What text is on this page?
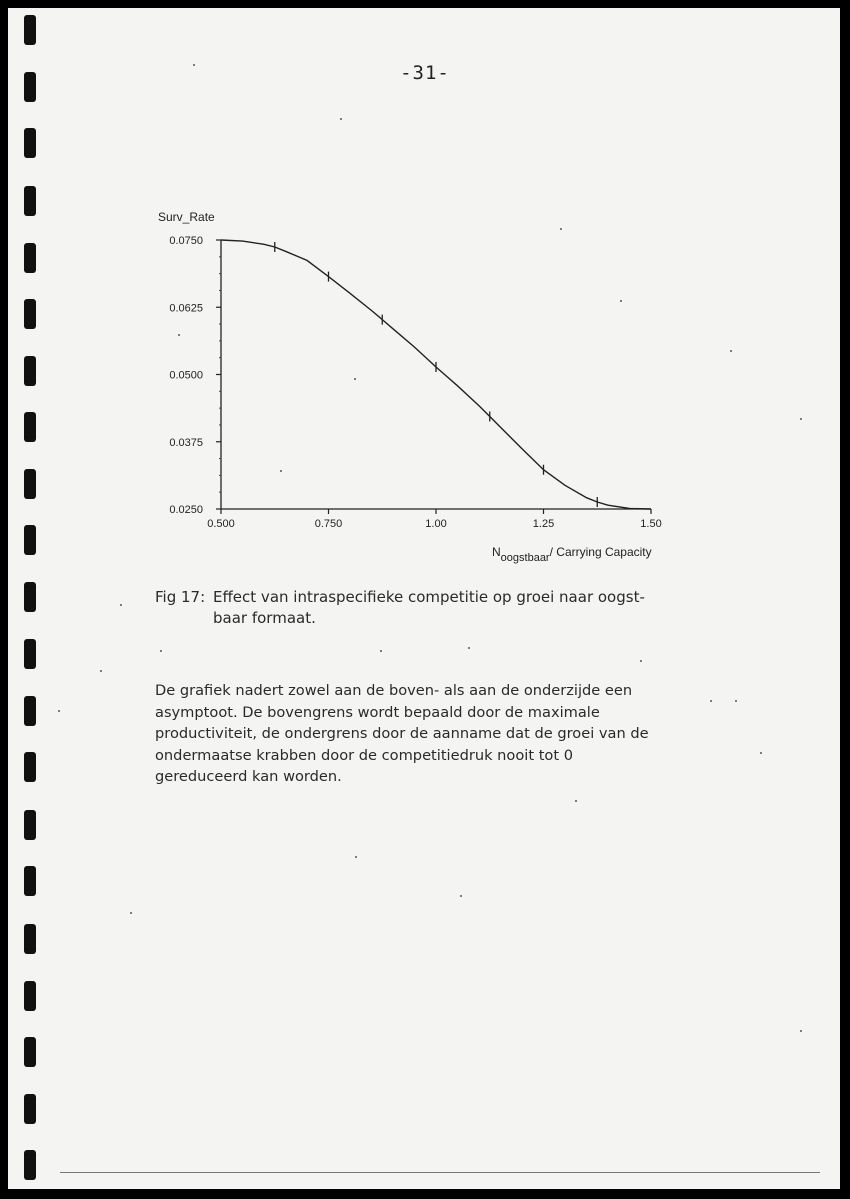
-31-
0.0250
0.0375
0.0500
0.0625
0.0750
0.500	0.750	1.00	1.25	1.50
Surv_Rate
Noogstbaar/ Carrying Capacity
Fig 17: Effect van intraspecifieke competitie op groei naar oogst-
baar formaat.
De grafiek nadert zowel aan de boven- als aan de onderzijde een
asymptoot. De bovengrens wordt bepaald door de maximale
productiviteit, de ondergrens door de aanname dat de groei van de
ondermaatse krabben door de competitiedruk nooit tot 0
gereduceerd kan worden.
